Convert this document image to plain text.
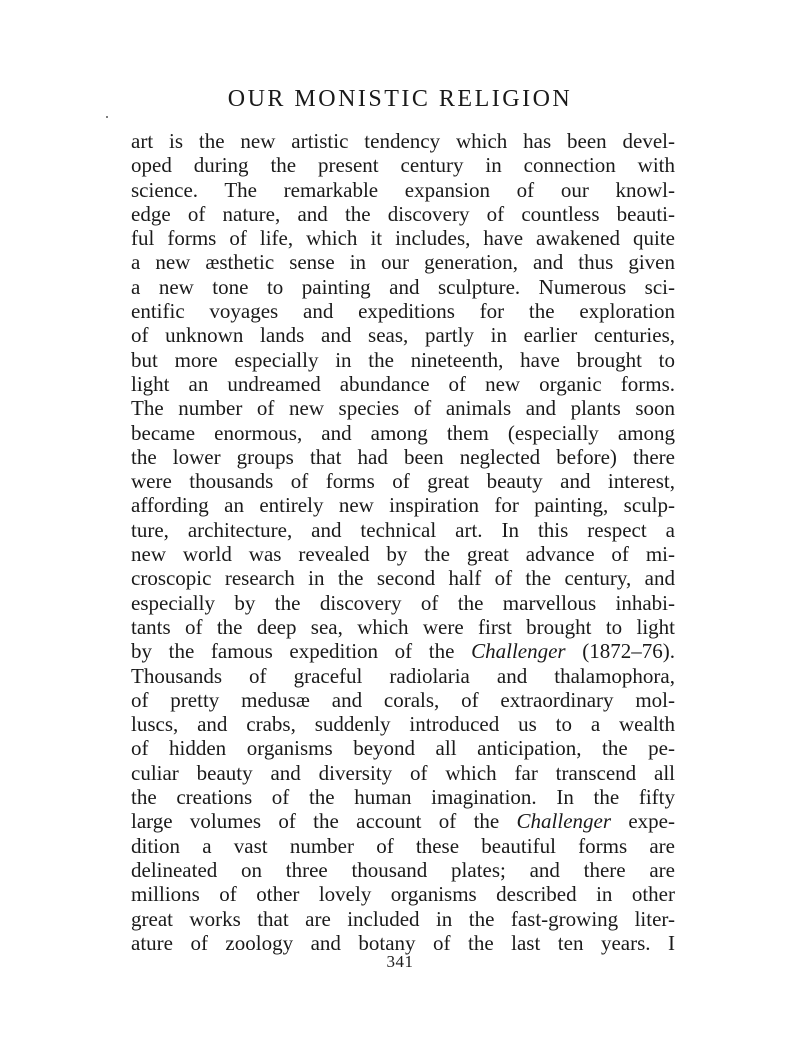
OUR MONISTIC RELIGION
art is the new artistic tendency which has been devel-
oped during the present century in connection with
science. The remarkable expansion of our knowl-
edge of nature, and the discovery of countless beauti-
ful forms of life, which it includes, have awakened quite
a new æsthetic sense in our generation, and thus given
a new tone to painting and sculpture. Numerous sci-
entific voyages and expeditions for the exploration
of unknown lands and seas, partly in earlier centuries,
but more especially in the nineteenth, have brought to
light an undreamed abundance of new organic forms.
The number of new species of animals and plants soon
became enormous, and among them (especially among
the lower groups that had been neglected before) there
were thousands of forms of great beauty and interest,
affording an entirely new inspiration for painting, sculp-
ture, architecture, and technical art. In this respect a
new world was revealed by the great advance of mi-
croscopic research in the second half of the century, and
especially by the discovery of the marvellous inhabi-
tants of the deep sea, which were first brought to light
by the famous expedition of the Challenger (1872–76).
Thousands of graceful radiolaria and thalamophora,
of pretty medusæ and corals, of extraordinary mol-
luscs, and crabs, suddenly introduced us to a wealth
of hidden organisms beyond all anticipation, the pe-
culiar beauty and diversity of which far transcend all
the creations of the human imagination. In the fifty
large volumes of the account of the Challenger expe-
dition a vast number of these beautiful forms are
delineated on three thousand plates; and there are
millions of other lovely organisms described in other
great works that are included in the fast-growing liter-
ature of zoology and botany of the last ten years. I
341
